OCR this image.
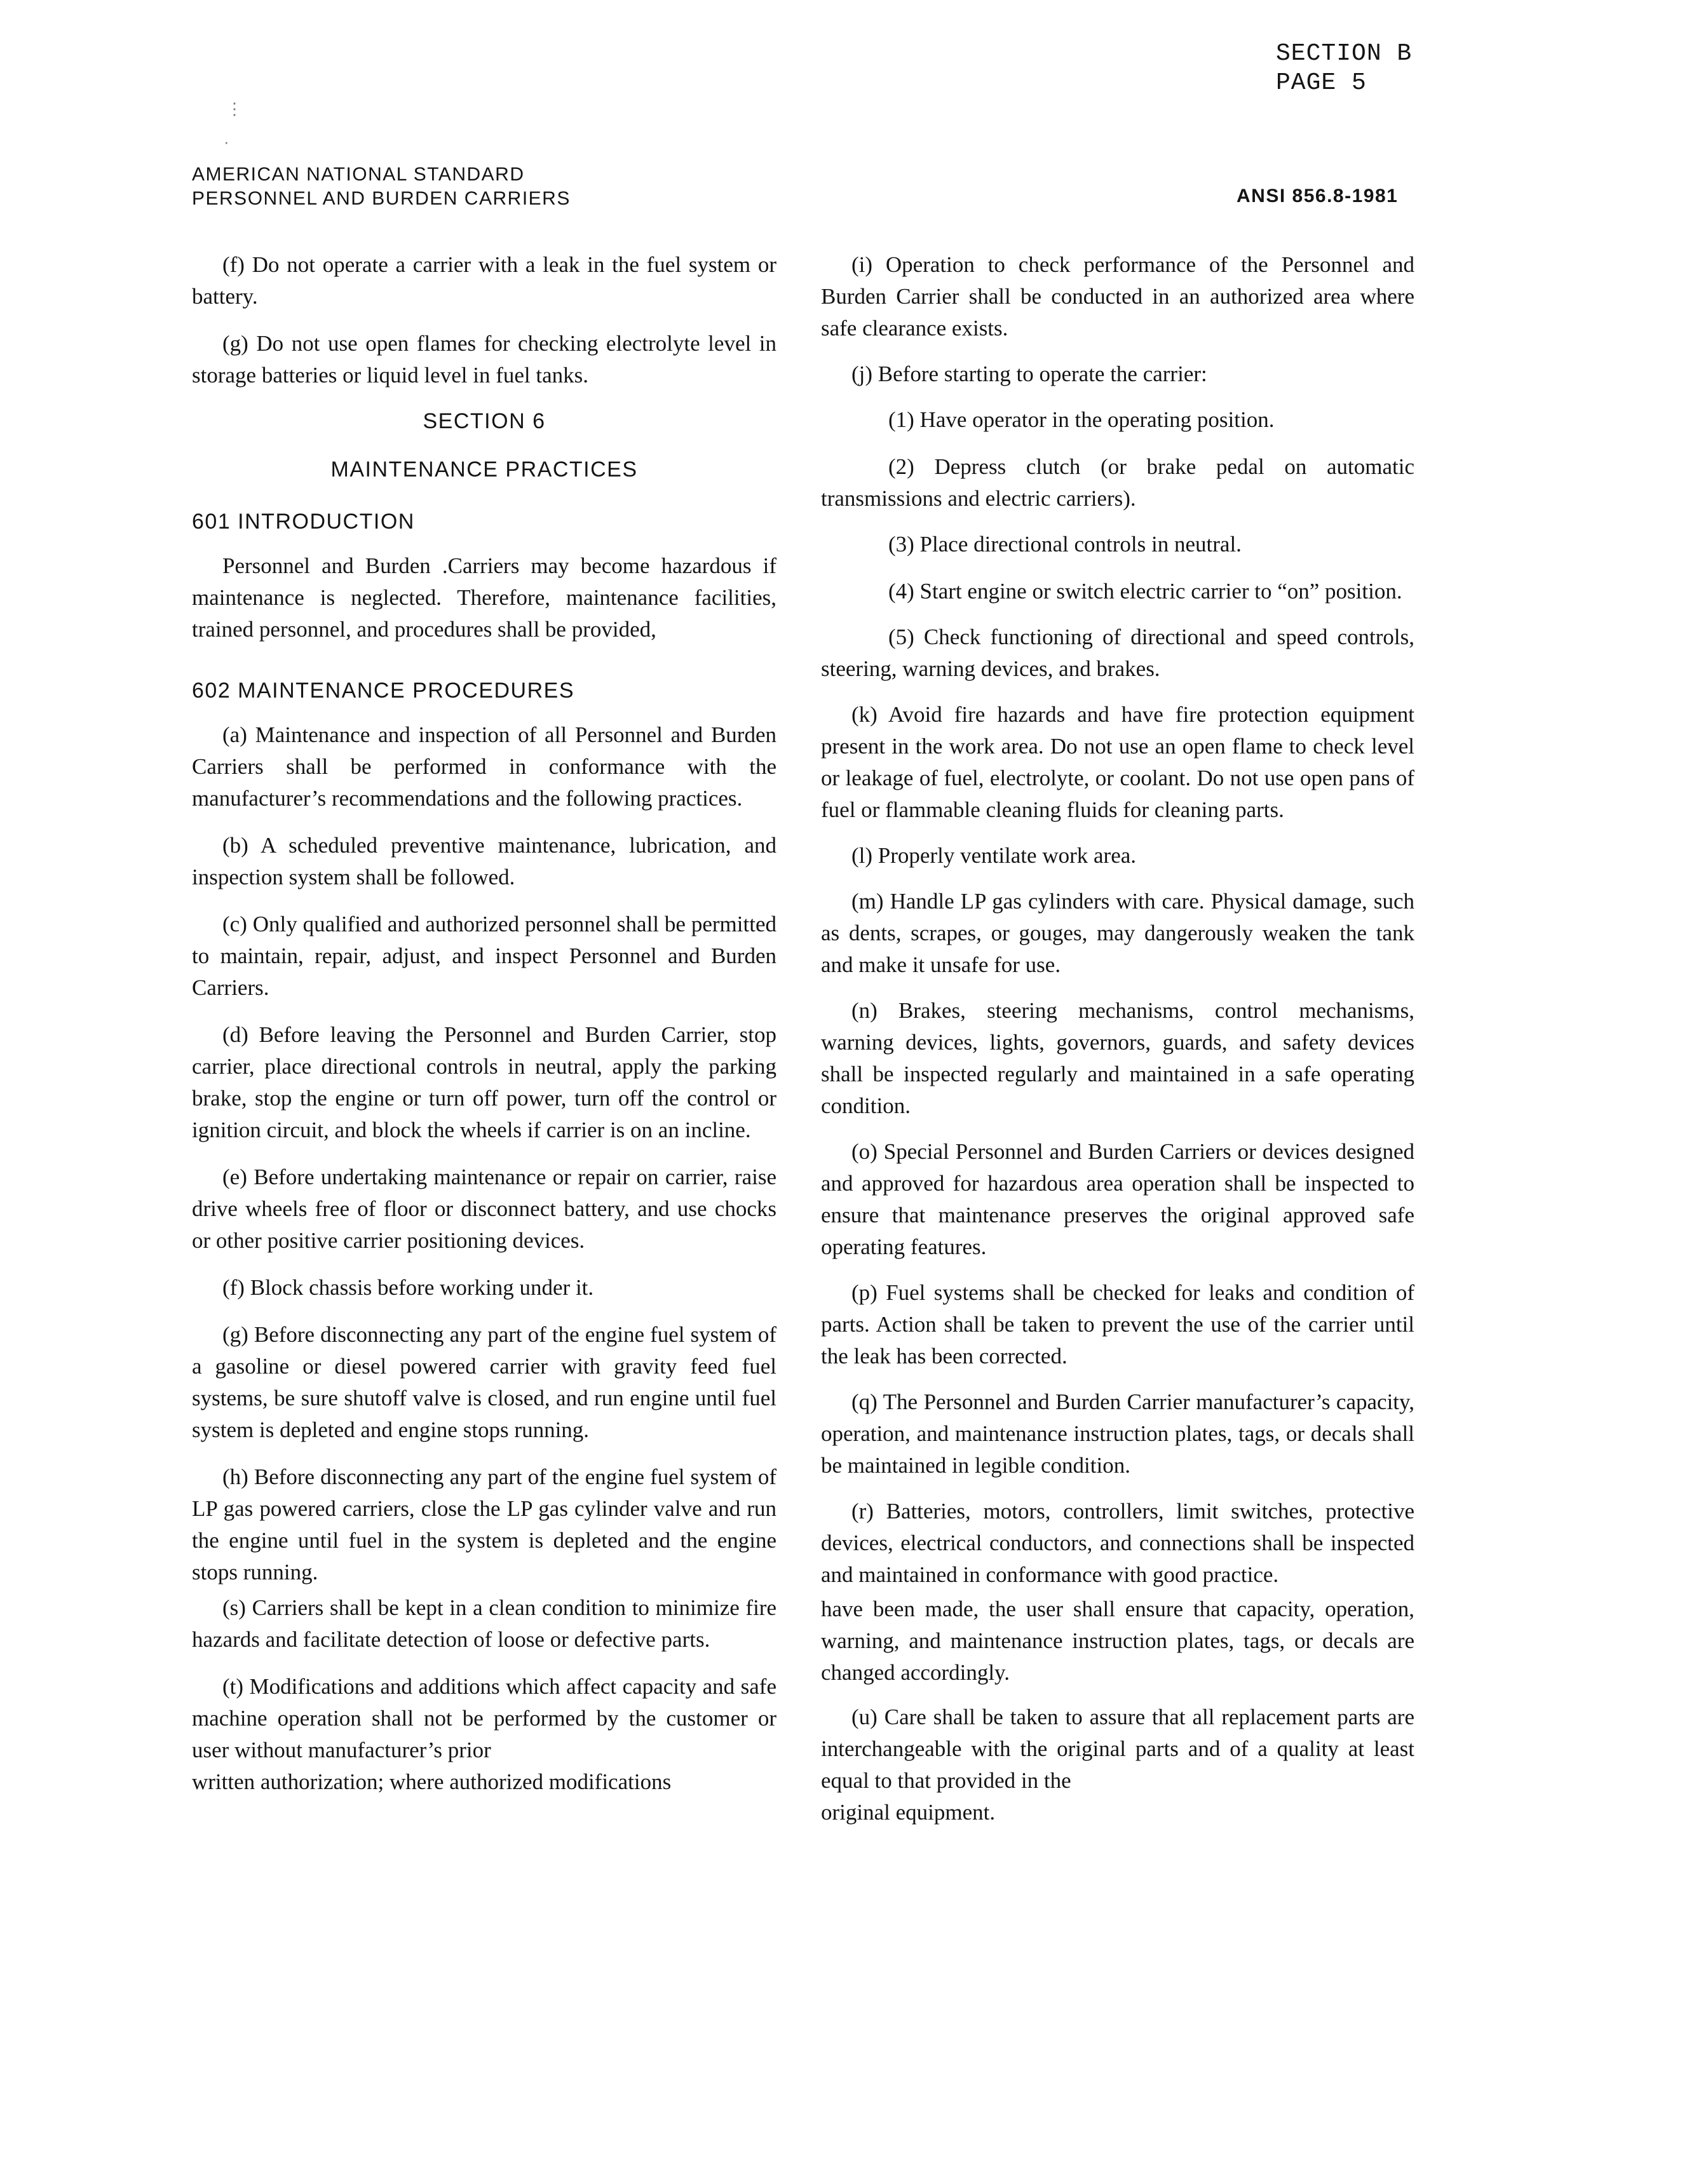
SECTION B
PAGE 5
⋮
·
AMERICAN NATIONAL STANDARD
PERSONNEL AND BURDEN CARRIERS	ANSI 856.8-1981

(f) Do not operate a carrier with a leak in the fuel system or battery.

(g) Do not use open flames for checking electrolyte level in storage batteries or liquid level in fuel tanks.

SECTION 6
MAINTENANCE PRACTICES
601 INTRODUCTION

Personnel and Burden .Carriers may become hazardous if maintenance is neglected. Therefore, maintenance facilities, trained personnel, and procedures shall be provided,

602 MAINTENANCE PROCEDURES

(a) Maintenance and inspection of all Personnel and Burden Carriers shall be performed in conformance with the manufacturer’s recommendations and the following practices.

(b) A scheduled preventive maintenance, lubrication, and inspection system shall be followed.

(c) Only qualified and authorized personnel shall be permitted to maintain, repair, adjust, and inspect Personnel and Burden Carriers.

(d) Before leaving the Personnel and Burden Carrier, stop carrier, place directional controls in neutral, apply the parking brake, stop the engine or turn off power, turn off the control or ignition circuit, and block the wheels if carrier is on an incline.

(e) Before undertaking maintenance or repair on carrier, raise drive wheels free of floor or disconnect battery, and use chocks or other positive carrier positioning devices.

(f) Block chassis before working under it.

(g) Before disconnecting any part of the engine fuel system of a gasoline or diesel powered carrier with gravity feed fuel systems, be sure shutoff valve is closed, and run engine until fuel system is depleted and engine stops running.

(h) Before disconnecting any part of the engine fuel system of LP gas powered carriers, close the LP gas cylinder valve and run the engine until fuel in the system is depleted and the engine stops running.

(s) Carriers shall be kept in a clean condition to minimize fire hazards and facilitate detection of loose or defective parts.

(t) Modifications and additions which affect capacity and safe machine operation shall not be performed by the customer or user without manufacturer’s prior

written authorization; where authorized modifications

(i) Operation to check performance of the Personnel and Burden Carrier shall be conducted in an authorized area where safe clearance exists.

(j) Before starting to operate the carrier:

(1) Have operator in the operating position.

(2) Depress clutch (or brake pedal on automatic transmissions and electric carriers).

(3) Place directional controls in neutral.

(4) Start engine or switch electric carrier to “on” position.

(5) Check functioning of directional and speed controls, steering, warning devices, and brakes.

(k) Avoid fire hazards and have fire protection equipment present in the work area. Do not use an open flame to check level or leakage of fuel, electrolyte, or coolant. Do not use open pans of fuel or flammable cleaning fluids for cleaning parts.

(l) Properly ventilate work area.

(m) Handle LP gas cylinders with care. Physical damage, such as dents, scrapes, or gouges, may dangerously weaken the tank and make it unsafe for use.

(n) Brakes, steering mechanisms, control mechanisms, warning devices, lights, governors, guards, and safety devices shall be inspected regularly and maintained in a safe operating condition.

(o) Special Personnel and Burden Carriers or devices designed and approved for hazardous area operation shall be inspected to ensure that maintenance preserves the original approved safe operating features.

(p) Fuel systems shall be checked for leaks and condition of parts. Action shall be taken to prevent the use of the carrier until the leak has been corrected.

(q) The Personnel and Burden Carrier manufacturer’s capacity, operation, and maintenance instruction plates, tags, or decals shall be maintained in legible condition.

(r) Batteries, motors, controllers, limit switches, protective devices, electrical conductors, and connections shall be inspected and maintained in conformance with good practice.

have been made, the user shall ensure that capacity, operation, warning, and maintenance instruction plates, tags, or decals are changed accordingly.

(u) Care shall be taken to assure that all replacement parts are interchangeable with the original parts and of a quality at least equal to that provided in the

original equipment.
